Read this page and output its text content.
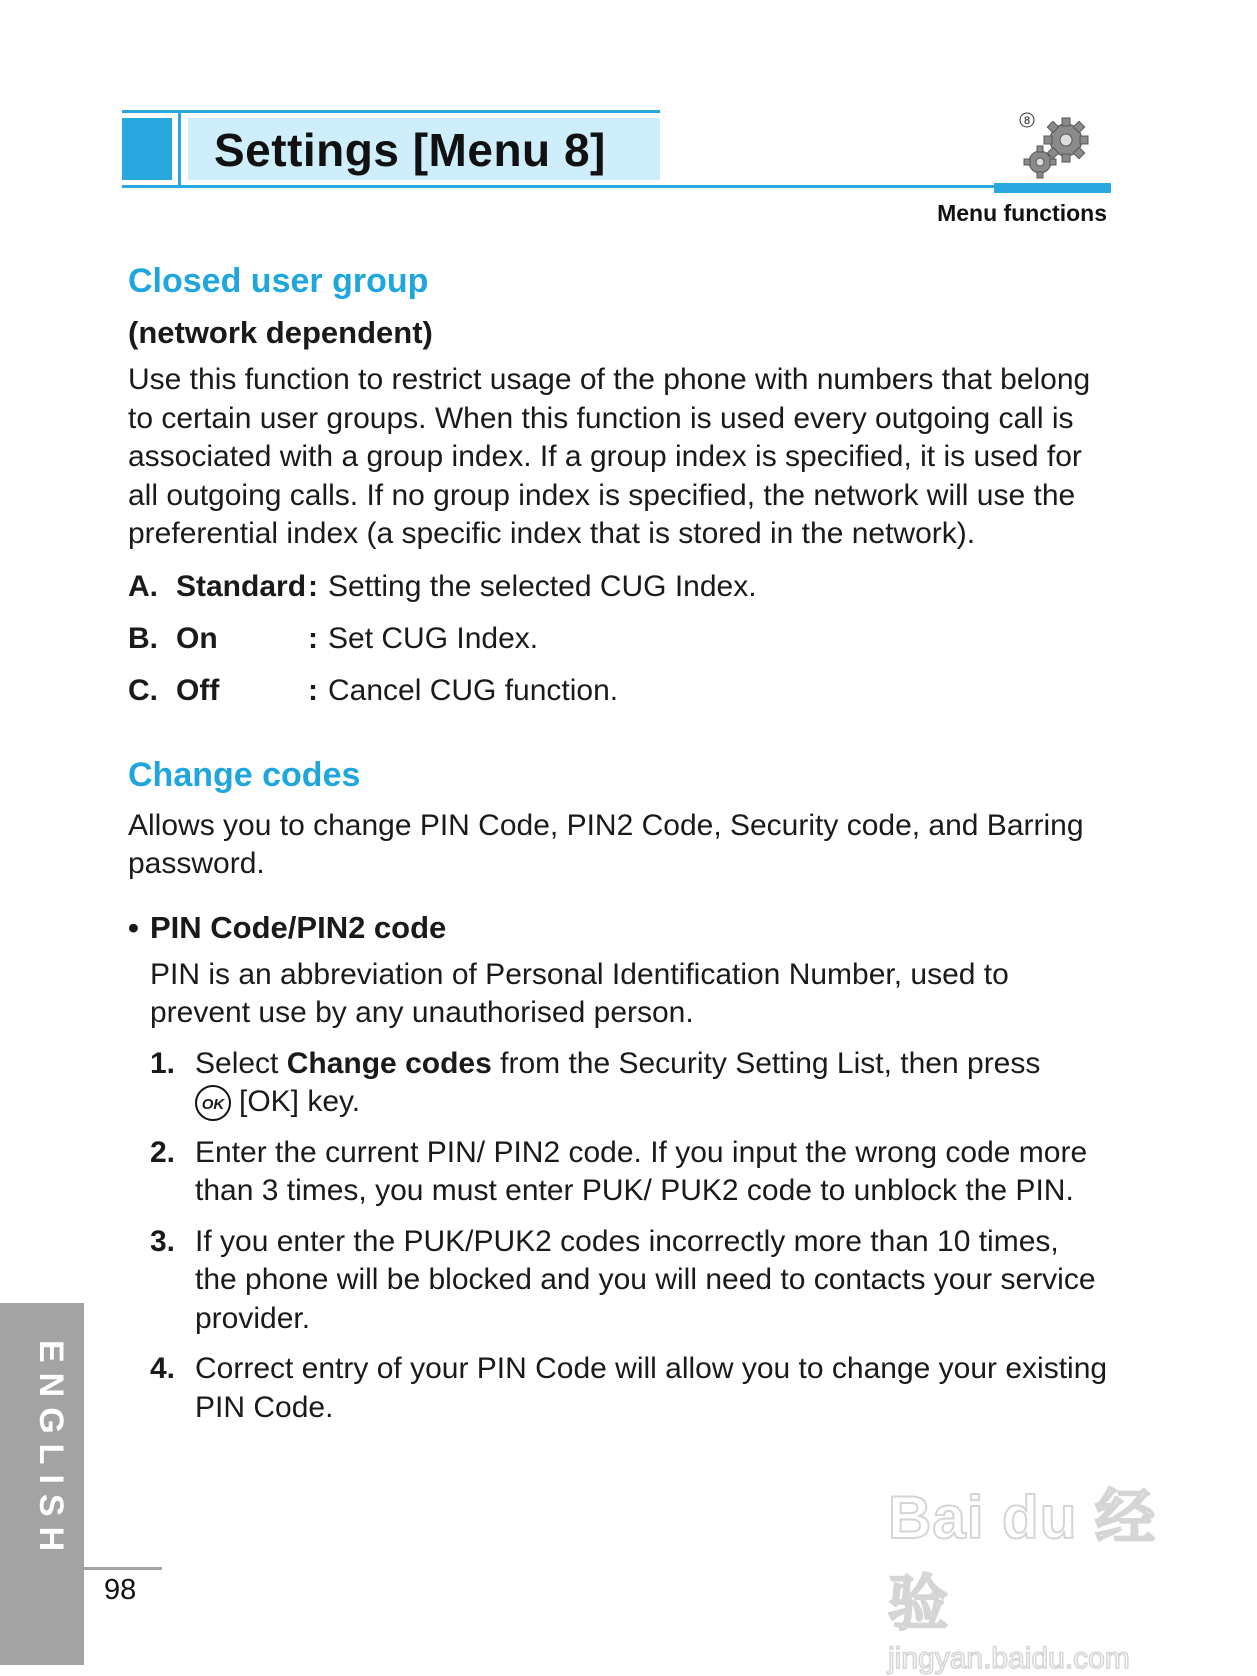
Settings [Menu 8]
8
Menu functions
Closed user group
(network dependent)

Use this function to restrict usage of the phone with numbers that belong to certain user groups. When this function is used every outgoing call is associated with a group index. If a group index is specified, it is used for all outgoing calls. If no group index is specified, the network will use the preferential index (a specific index that is stored in the network).

A. Standard : Setting the selected CUG Index.
B. On	: Set CUG Index.
C. Off	: Cancel CUG function.
Change codes

Allows you to change PIN Code, PIN2 Code, Security code, and Barring password.

• PIN Code/PIN2 code

PIN is an abbreviation of Personal Identification Number, used to prevent use by any unauthorised person.

1. Select Change codes from the Security Setting List, then press
OK [OK] key.
2. Enter the current PIN/ PIN2 code. If you input the wrong code more than 3 times, you must enter PUK/ PUK2 code to unblock the PIN.
3. If you enter the PUK/PUK2 codes incorrectly more than 10 times, the phone will be blocked and you will need to contacts your service provider.
4. Correct entry of your PIN Code will allow you to change your existing PIN Code.
ENGLISH
98
Bai du 经验
jingyan.baidu.com
